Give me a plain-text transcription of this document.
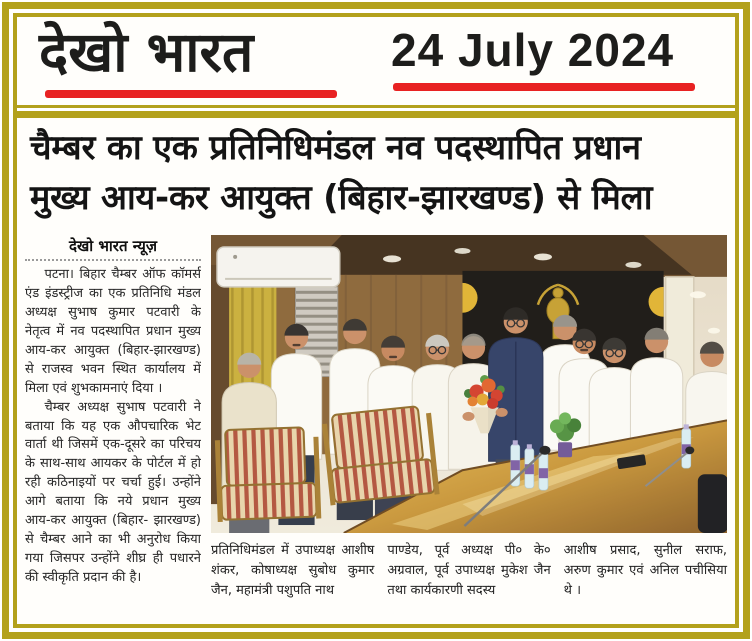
देखो भारत	24 July 2024
चैम्बर का एक प्रतिनिधिमंडल नव पदस्थापित प्रधान
मुख्य आय-कर आयुक्त (बिहार-झारखण्ड) से मिला
देखो भारत न्यूज़

पटना। बिहार चैम्बर ऑफ कॉमर्स एंड इंडस्ट्रीज का एक प्रतिनिधि मंडल अध्यक्ष सुभाष कुमार पटवारी के नेतृत्व में नव पदस्थापित प्रधान मुख्य आय-कर आयुक्त (बिहार-झारखण्ड) से राजस्व भवन स्थित कार्यालय में मिला एवं शुभकामनाएं दिया ।

चैम्बर अध्यक्ष सुभाष पटवारी ने बताया कि यह एक औपचारिक भेट वार्ता थी जिसमें एक-दूसरे का परिचय के साथ-साथ आयकर के पोर्टल में हो रही कठिनाइयों पर चर्चा हुई। उन्होंने आगे बताया कि नये प्रधान मुख्य आय-कर आयुक्त (बिहार- झारखण्ड) से चैम्बर आने का भी अनुरोध किया गया जिसपर उन्होंने शीघ्र ही पधारने की स्वीकृति प्रदान की है।

प्रतिनिधिमंडल में उपाध्यक्ष आशीष शंकर, कोषाध्यक्ष सुबोध कुमार जैन, महामंत्री पशुपति नाथ

पाण्डेय, पूर्व अध्यक्ष पी० के० अग्रवाल, पूर्व उपाध्यक्ष मुकेश जैन तथा कार्यकारणी सदस्य

आशीष प्रसाद, सुनील सराफ, अरुण कुमार एवं अनिल पचीसिया थे ।
